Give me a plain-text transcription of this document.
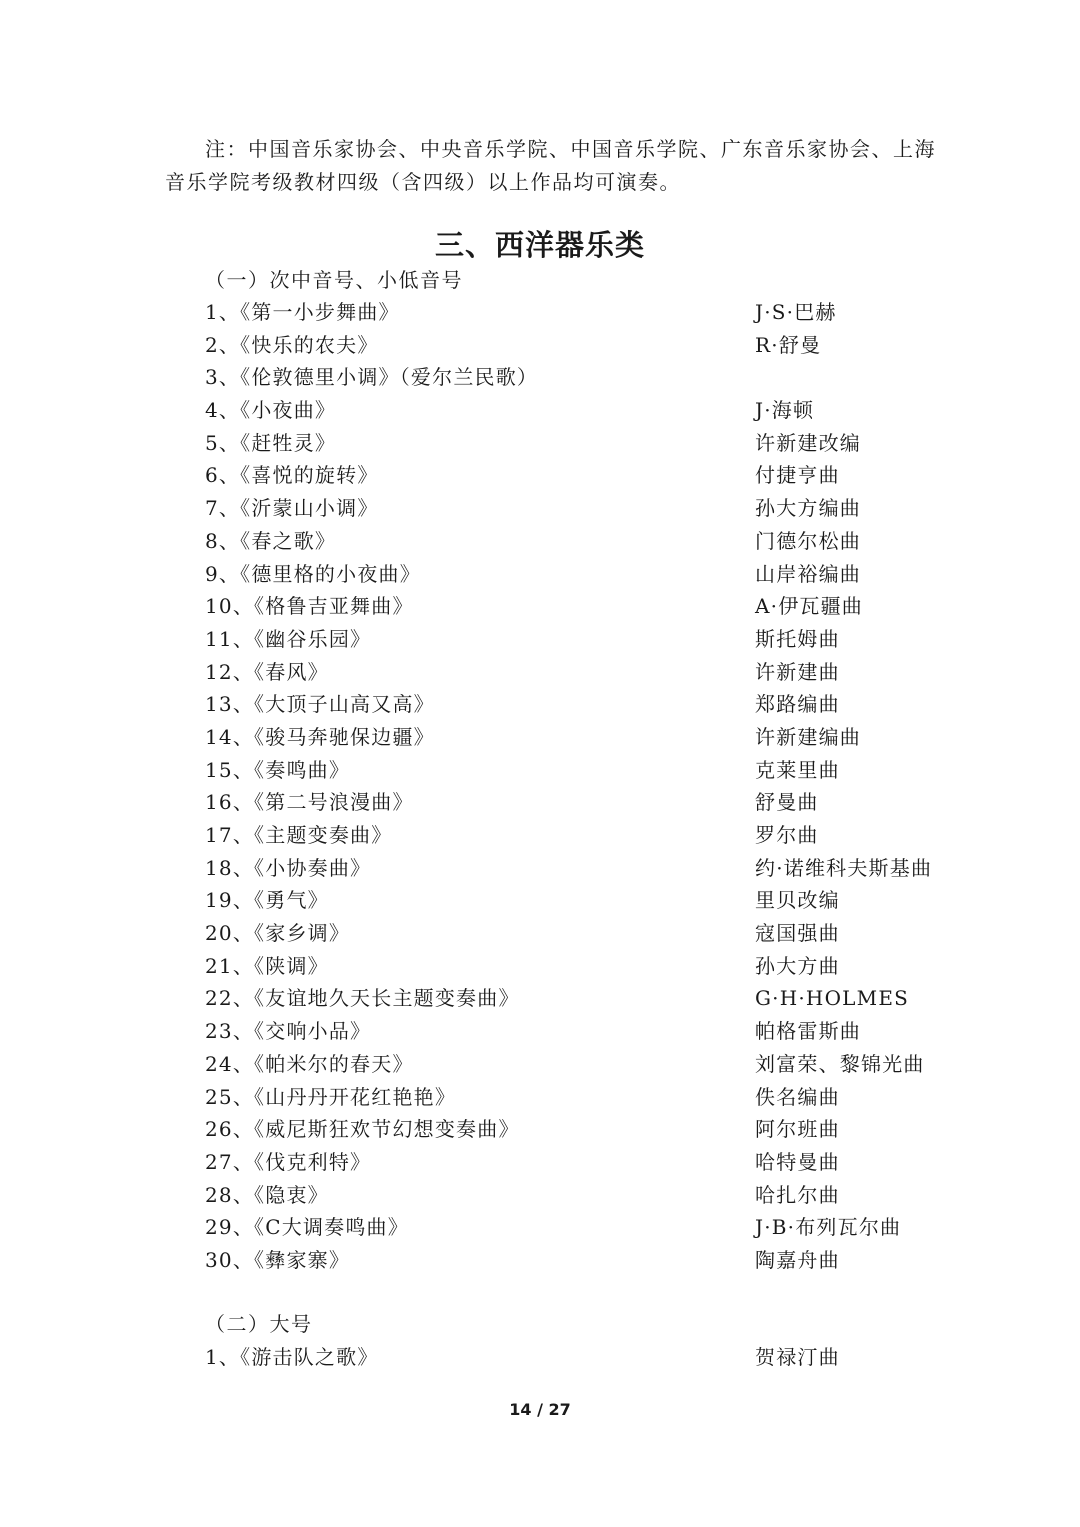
注：中国音乐家协会、中央音乐学院、中国音乐学院、广东音乐家协会、上海音乐学院考级教材四级（含四级）以上作品均可演奏。

三、西洋器乐类
（一）次中音号、小低音号
1、《第一小步舞曲》	J·S·巴赫
2、《快乐的农夫》	R·舒曼
3、《伦敦德里小调》（爱尔兰民歌）
4、《小夜曲》	J·海顿
5、《赶牲灵》	许新建改编
6、《喜悦的旋转》	付捷亨曲
7、《沂蒙山小调》	孙大方编曲
8、《春之歌》	门德尔松曲
9、《德里格的小夜曲》	山岸裕编曲
10、《格鲁吉亚舞曲》	A·伊瓦疆曲
11、《幽谷乐园》	斯托姆曲
12、《春风》	许新建曲
13、《大顶子山高又高》	郑路编曲
14、《骏马奔驰保边疆》	许新建编曲
15、《奏鸣曲》	克莱里曲
16、《第二号浪漫曲》	舒曼曲
17、《主题变奏曲》	罗尔曲
18、《小协奏曲》	约·诺维科夫斯基曲
19、《勇气》	里贝改编
20、《家乡调》	寇国强曲
21、《陕调》	孙大方曲
22、《友谊地久天长主题变奏曲》	G·H·HOLMES
23、《交响小品》	帕格雷斯曲
24、《帕米尔的春天》	刘富荣、黎锦光曲
25、《山丹丹开花红艳艳》	佚名编曲
26、《威尼斯狂欢节幻想变奏曲》	阿尔班曲
27、《伐克利特》	哈特曼曲
28、《隐衷》	哈扎尔曲
29、《C大调奏鸣曲》	J·B·布列瓦尔曲
30、《彝家寨》	陶嘉舟曲
（二）大号
1、《游击队之歌》	贺禄汀曲
14 / 27
